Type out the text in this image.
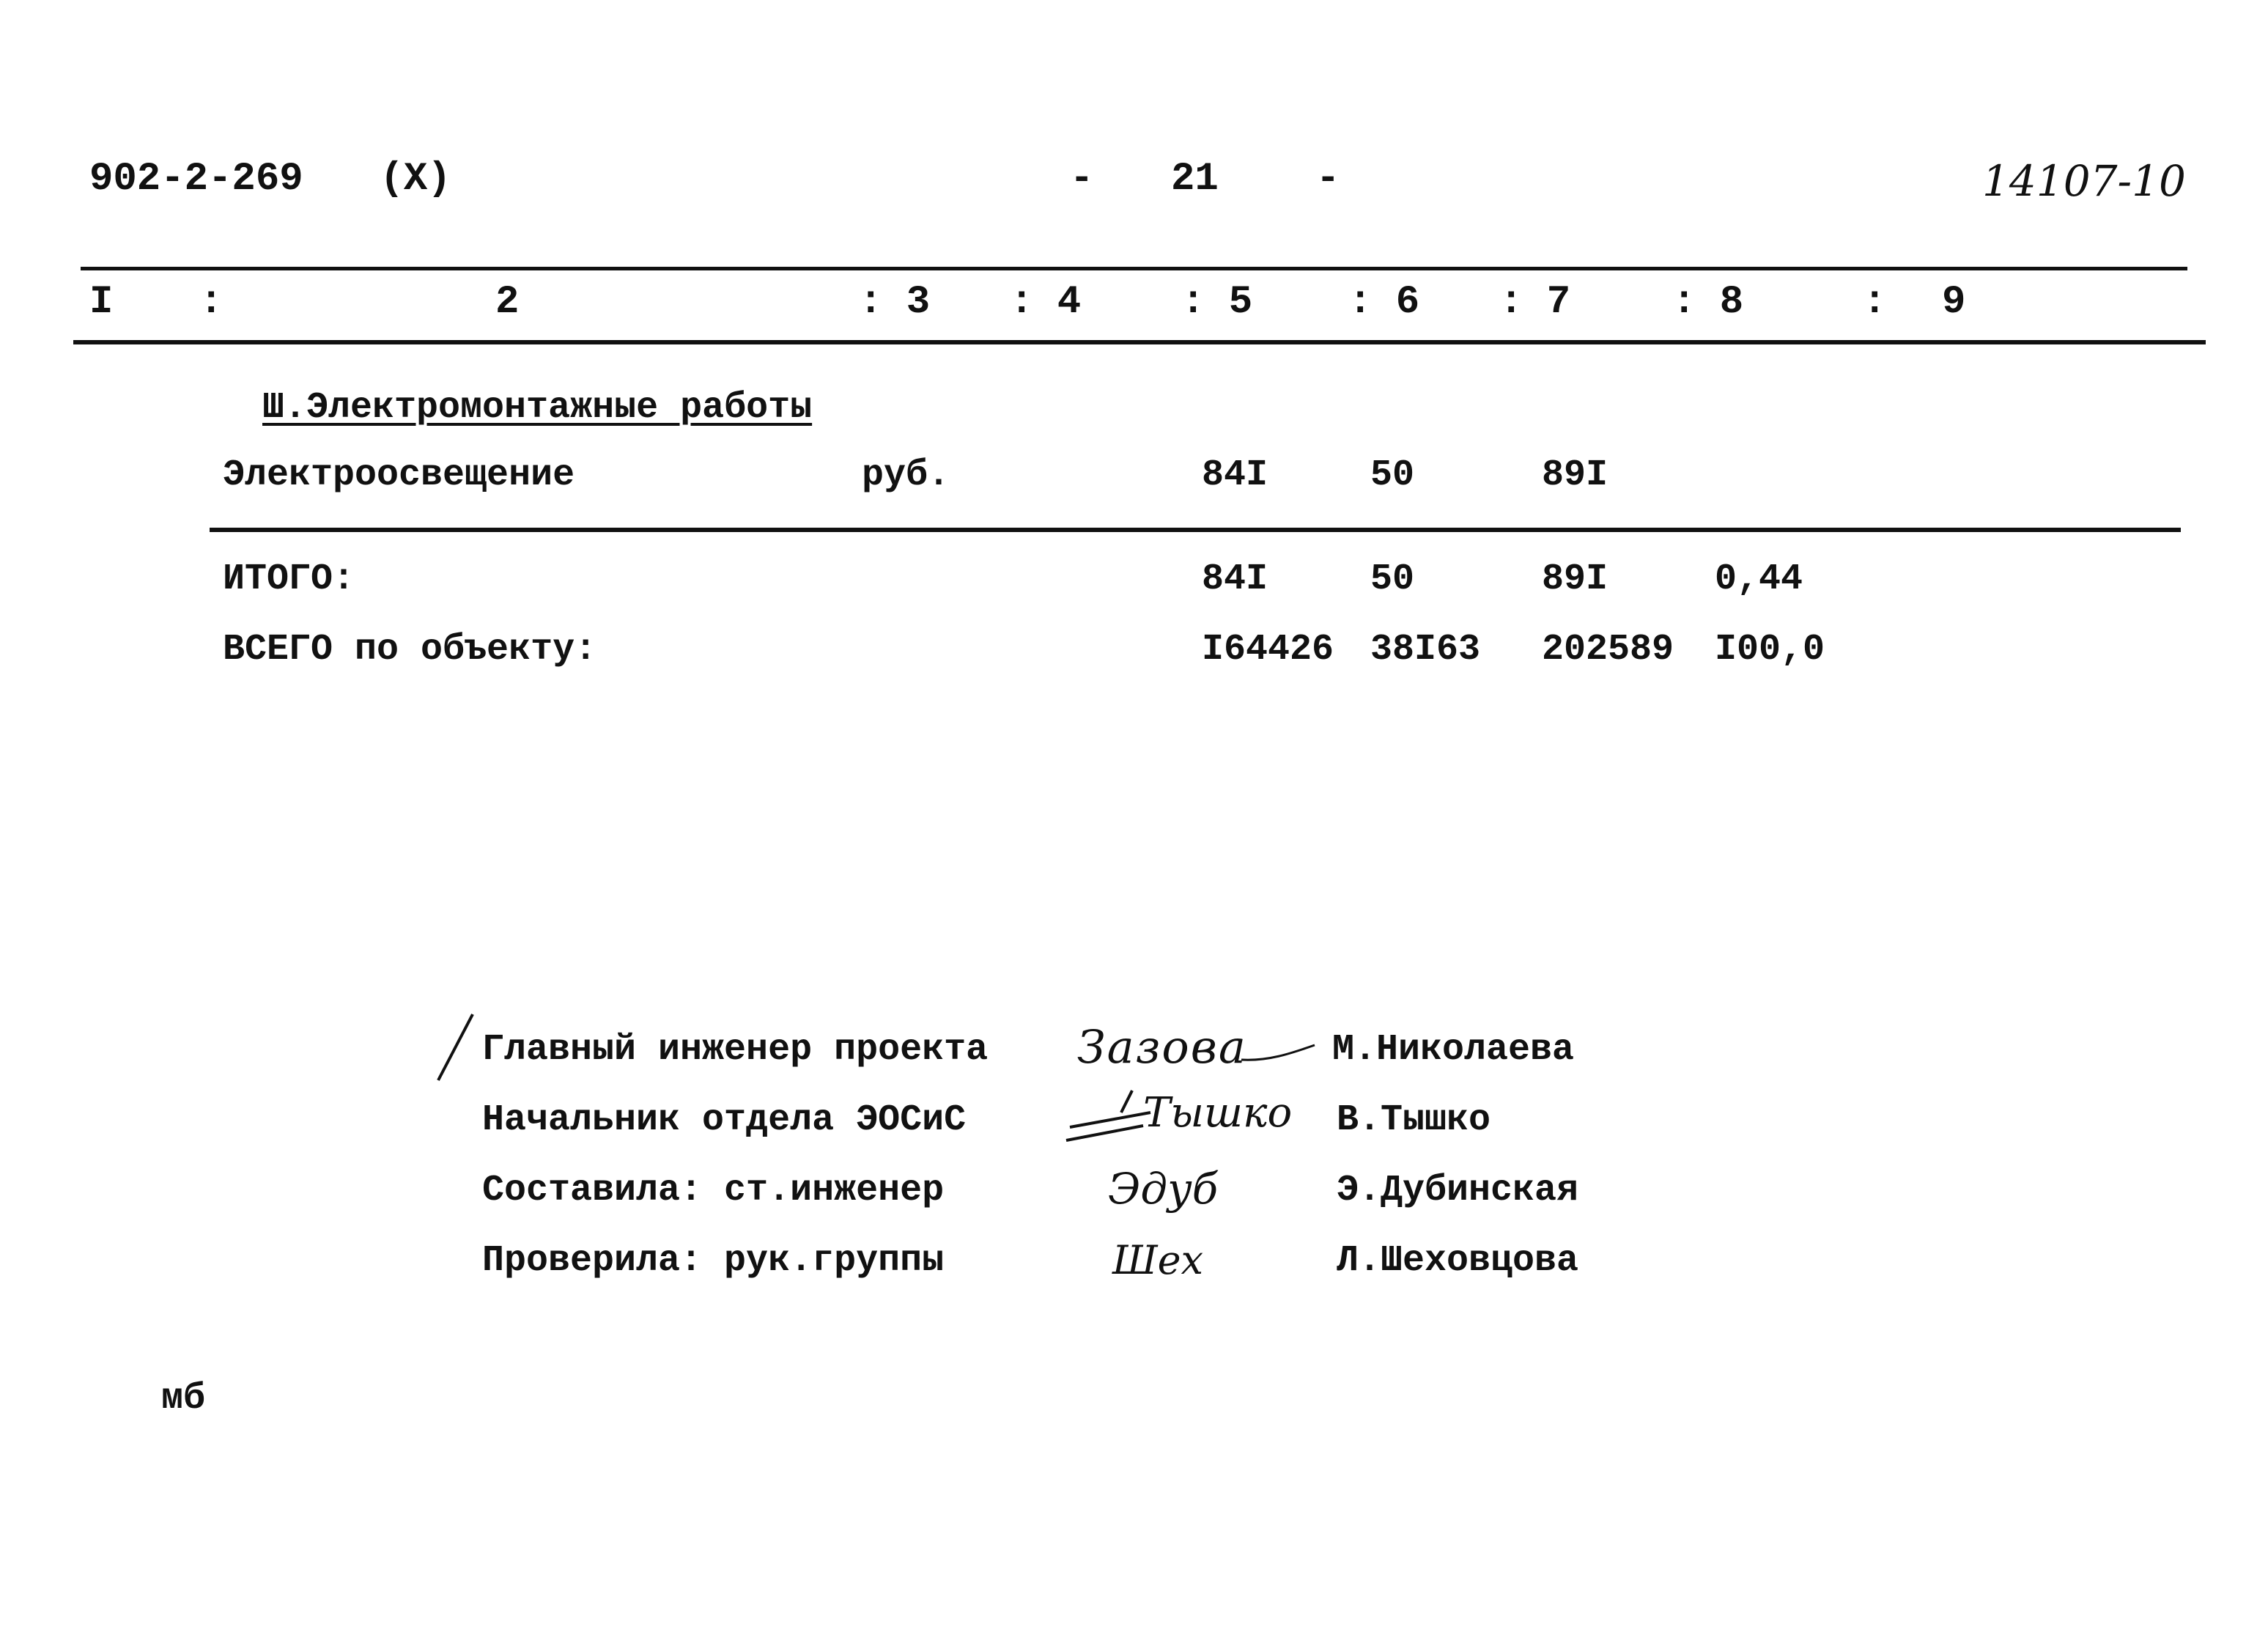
902-2-269 (Х)	- 21 -	14107-10
I :	2	: 3 : 4	: 5 : 6 : 7	: 8	: 9
Ш.Электромонтажные работы
Электроосвещение	руб.	84I	50	89I
ИТОГО:	84I	50	89I	0,44
ВСЕГО по объекту:	I64426 38I63 202589 I00,0
Главный инженер проекта Зазова М.Николаева
Начальник отдела ЭОСиС	Тышко В.Тышко
Составила: ст.инженер	Эдуб	Э.Дубинская
Проверила: рук.группы	Шех	Л.Шеховцова
мб
